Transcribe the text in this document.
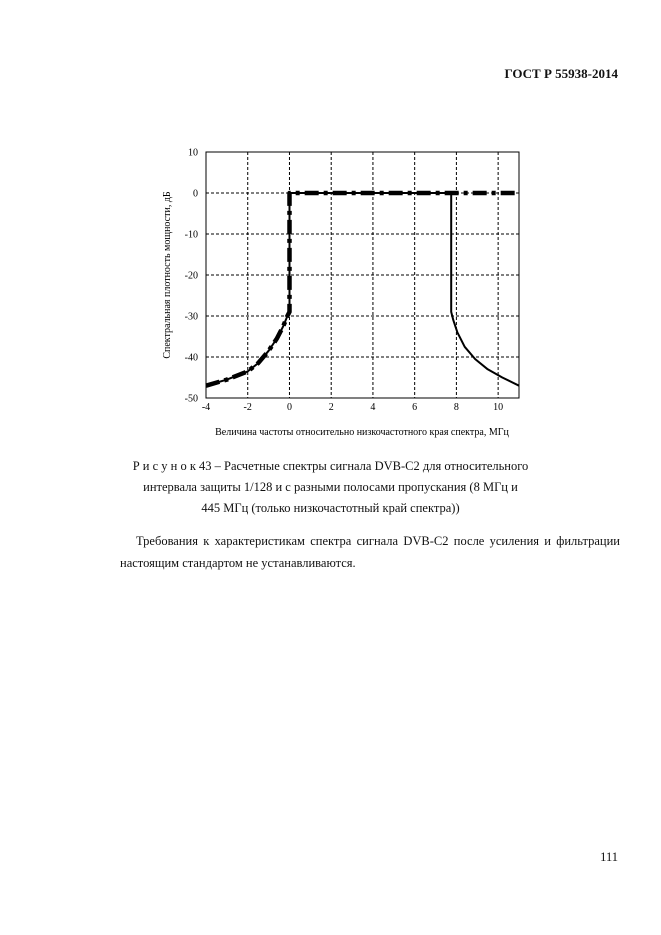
ГОСТ Р 55938-2014
-4	-2	0	2	4	6	8	10
10
0
-10
-20
-30
-40
-50
Величина частоты относительно низкочастотного края спектра, МГц
Спектральная плотность мощности, дБ

Р и с у н о к 43 – Расчетные спектры сигнала DVB-C2 для относительного

интервала защиты 1/128 и с разными полосами пропускания (8 МГц и

445 МГц (только низкочастотный край спектра))

Требования к характеристикам спектра сигнала DVB-C2 после усиления и фильтрации настоящим стандартом не устанавливаются.

111
